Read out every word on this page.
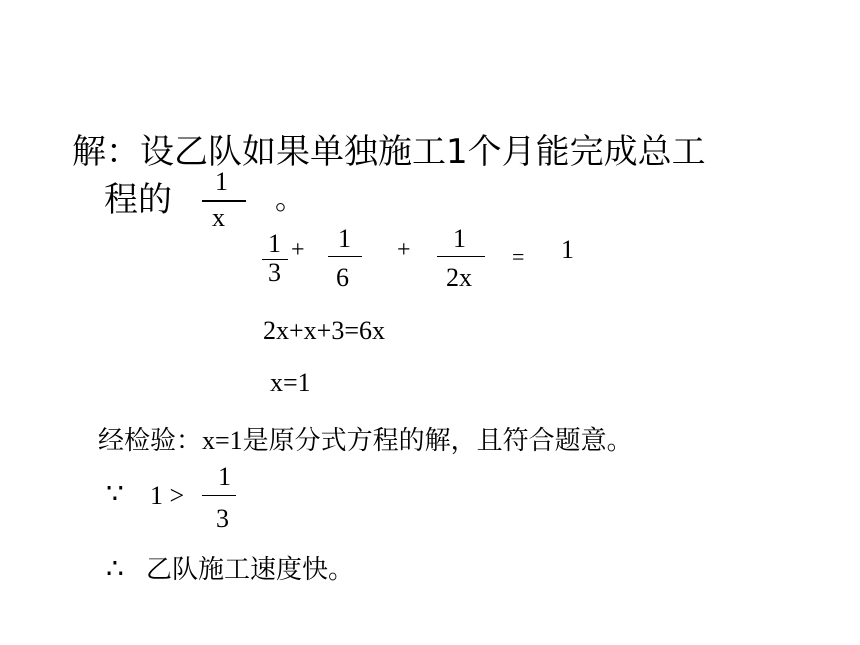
解：设乙队如果单独施工1个月能完成总工
程的 1
x
。
1
3
+ 1
6
+ 1
2x
= 1
2x+x+3=6x
x=1
经检验：x=1是原分式方程的解，且符合题意。
∵ 1 >
1
3
∴ 乙队施工速度快。
